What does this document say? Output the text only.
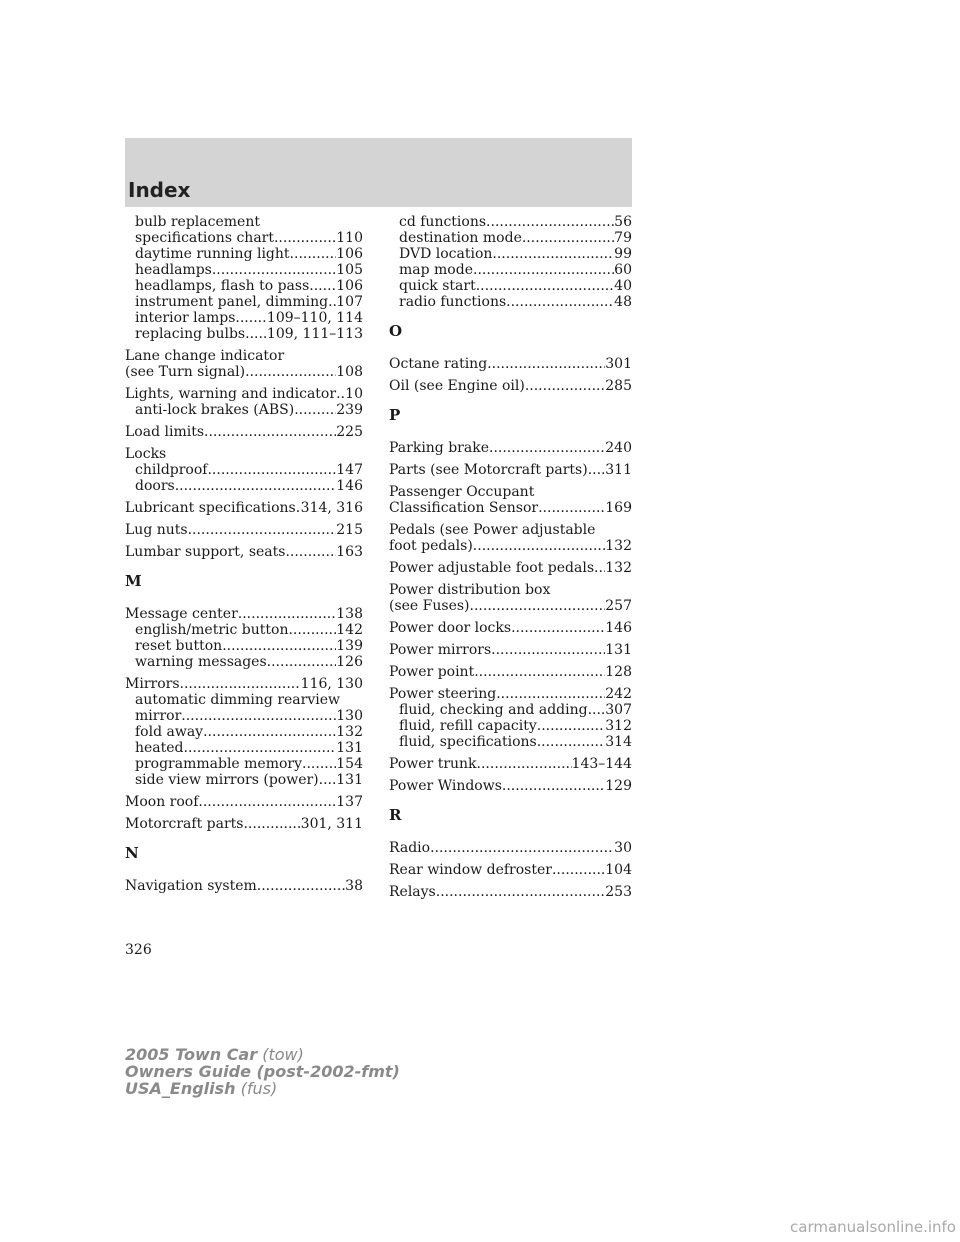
Index
bulb replacement
specifications chart .....	110
daytime running light .....	106
headlamps .....	105
headlamps, flash to pass ..... 106
instrument panel, dimming ..... 107
interior lamps ..... 109–110, 114
replacing bulbs ..... 109, 111–113
Lane change indicator
(see Turn signal) .....	108
Lights, warning and indicator ..... 10
anti-lock brakes (ABS) .....	239
Load limits .....	225
Locks
childproof .....	147
doors .....	146
Lubricant specifications ..... 314, 316
Lug nuts .....	215
Lumbar support, seats .....	163
M
Message center .....	138
english/metric button .....	142
reset button .....	139
warning messages .....	126
Mirrors .....	116, 130
automatic dimming rearview
mirror .....	130
fold away .....	132
heated .....	131
programmable memory ..... 154
side view mirrors (power) ..... 131
Moon roof .....	137
Motorcraft parts .....	301, 311
N
Navigation system .....	38
cd functions .....	56
destination mode .....	79
DVD location .....	99
map mode .....	60
quick start .....	40
radio functions .....	48
O
Octane rating .....	301
Oil (see Engine oil) .....	285
P
Parking brake .....	240
Parts (see Motorcraft parts) ..... 311
Passenger Occupant
Classification Sensor .....	169
Pedals (see Power adjustable
foot pedals) .....	132
Power adjustable foot pedals ..... 132
Power distribution box
(see Fuses) .....	257
Power door locks .....	146
Power mirrors .....	131
Power point .....	128
Power steering .....	242
fluid, checking and adding ..... 307
fluid, refill capacity .....	312
fluid, specifications .....	314
Power trunk .....	143–144
Power Windows .....	129
R
Radio .....	30
Rear window defroster .....	104
Relays .....	253
326
2005 Town Car (tow)
Owners Guide (post-2002-fmt)
USA_English (fus)
carmanualsonline.info
